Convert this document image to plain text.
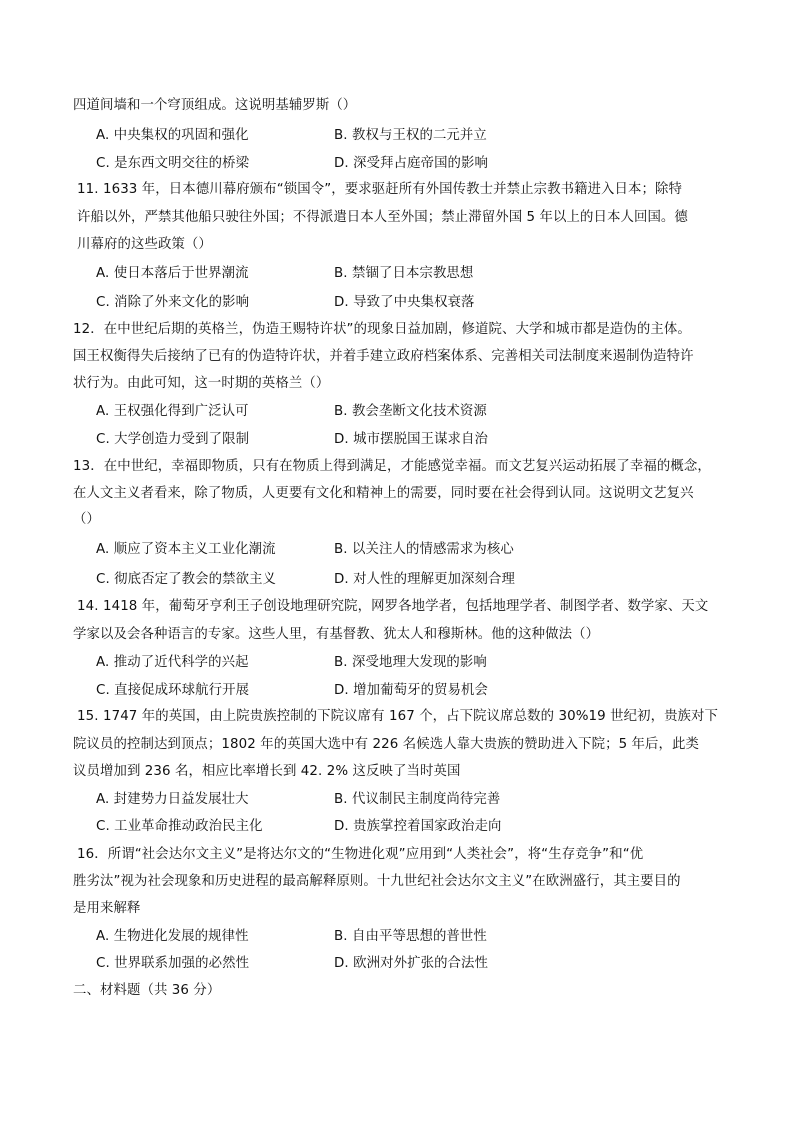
四道间墙和一个穹顶组成。这说明基辅罗斯（）
A. 中央集权的巩固和强化	B. 教权与王权的二元并立
C. 是东西文明交往的桥梁	D. 深受拜占庭帝国的影响
11. 1633 年，日本德川幕府颁布“锁国令”，要求驱赶所有外国传教士并禁止宗教书籍进入日本；除特
许船以外，严禁其他船只驶往外国；不得派遣日本人至外国；禁止滞留外国 5 年以上的日本人回国。德
川幕府的这些政策（）
A. 使日本落后于世界潮流	B. 禁锢了日本宗教思想
C. 消除了外来文化的影响	D. 导致了中央集权衰落
12．在中世纪后期的英格兰，伪造王赐特许状”的现象日益加剧，修道院、大学和城市都是造伪的主体。
国王权衡得失后接纳了已有的伪造特许状，并着手建立政府档案体系、完善相关司法制度来遏制伪造特许
状行为。由此可知，这一时期的英格兰（）
A. 王权强化得到广泛认可	B. 教会垄断文化技术资源
C. 大学创造力受到了限制	D. 城市摆脱国王谋求自治
13．在中世纪，幸福即物质，只有在物质上得到满足，才能感觉幸福。而文艺复兴运动拓展了幸福的概念，
在人文主义者看来，除了物质，人更要有文化和精神上的需要，同时要在社会得到认同。这说明文艺复兴
（）
A. 顺应了资本主义工业化潮流	B. 以关注人的情感需求为核心
C. 彻底否定了教会的禁欲主义	D. 对人性的理解更加深刻合理
14. 1418 年，葡萄牙亨利王子创设地理研究院，网罗各地学者，包括地理学者、制图学者、数学家、天文
学家以及会各种语言的专家。这些人里，有基督教、犹太人和穆斯林。他的这种做法（）
A. 推动了近代科学的兴起	B. 深受地理大发现的影响
C. 直接促成环球航行开展	D. 增加葡萄牙的贸易机会
15. 1747 年的英国，由上院贵族控制的下院议席有 167 个，占下院议席总数的 30%19 世纪初，贵族对下
院议员的控制达到顶点；1802 年的英国大选中有 226 名候选人靠大贵族的赞助进入下院；5 年后，此类
议员增加到 236 名，相应比率增长到 42. 2% 这反映了当时英国
A. 封建势力日益发展壮大	B. 代议制民主制度尚待完善
C. 工业革命推动政治民主化	D. 贵族掌控着国家政治走向
16．所谓“社会达尔文主义”是将达尔文的“生物进化观”应用到“人类社会”，将“生存竞争”和“优
胜劣汰”视为社会现象和历史进程的最高解释原则。十九世纪社会达尔文主义”在欧洲盛行，其主要目的
是用来解释
A. 生物进化发展的规律性	B. 自由平等思想的普世性
C. 世界联系加强的必然性	D. 欧洲对外扩张的合法性
二、材料题（共 36 分）
